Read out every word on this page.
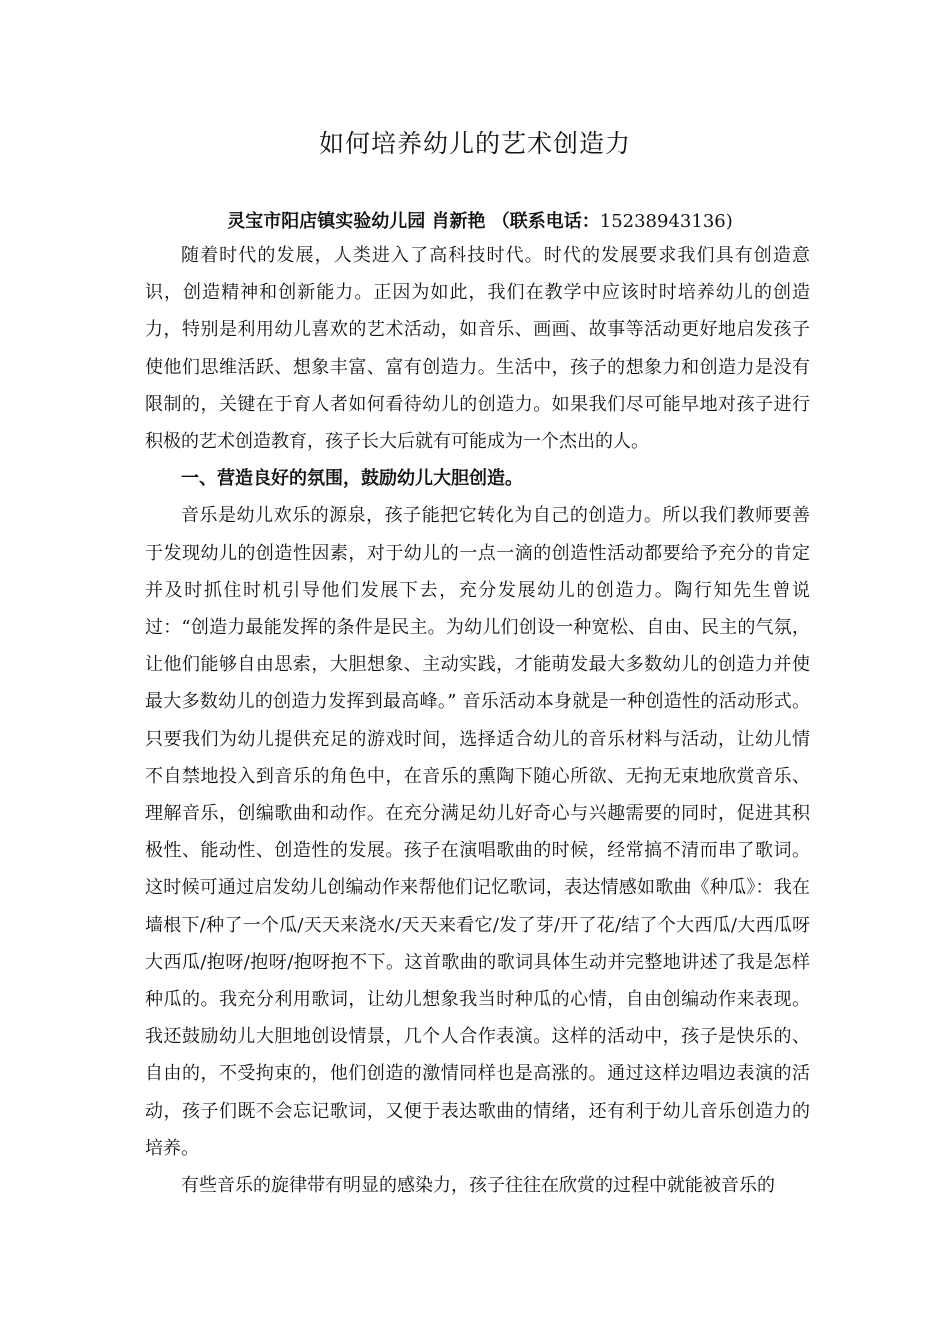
如何培养幼儿的艺术创造力

灵宝市阳店镇实验幼儿园 肖新艳 （联系电话：15238943136)

随着时代的发展，人类进入了高科技时代。时代的发展要求我们具有创造意识，创造精神和创新能力。正因为如此，我们在教学中应该时时培养幼儿的创造力，特别是利用幼儿喜欢的艺术活动，如音乐、画画、故事等活动更好地启发孩子使他们思维活跃、想象丰富、富有创造力。生活中，孩子的想象力和创造力是没有限制的，关键在于育人者如何看待幼儿的创造力。如果我们尽可能早地对孩子进行积极的艺术创造教育，孩子长大后就有可能成为一个杰出的人。

一、营造良好的氛围，鼓励幼儿大胆创造。

音乐是幼儿欢乐的源泉，孩子能把它转化为自己的创造力。所以我们教师要善于发现幼儿的创造性因素，对于幼儿的一点一滴的创造性活动都要给予充分的肯定并及时抓住时机引导他们发展下去，充分发展幼儿的创造力。陶行知先生曾说过：“创造力最能发挥的条件是民主。为幼儿们创设一种宽松、自由、民主的气氛，让他们能够自由思索，大胆想象、主动实践，才能萌发最大多数幼儿的创造力并使最大多数幼儿的创造力发挥到最高峰。” 音乐活动本身就是一种创造性的活动形式。只要我们为幼儿提供充足的游戏时间，选择适合幼儿的音乐材料与活动，让幼儿情不自禁地投入到音乐的角色中，在音乐的熏陶下随心所欲、无拘无束地欣赏音乐、理解音乐，创编歌曲和动作。在充分满足幼儿好奇心与兴趣需要的同时，促进其积极性、能动性、创造性的发展。孩子在演唱歌曲的时候，经常搞不清而串了歌词。这时候可通过启发幼儿创编动作来帮他们记忆歌词，表达情感如歌曲《种瓜》：我在墙根下/种了一个瓜/天天来浇水/天天来看它/发了芽/开了花/结了个大西瓜/大西瓜呀大西瓜/抱呀/抱呀/抱呀抱不下。这首歌曲的歌词具体生动并完整地讲述了我是怎样种瓜的。我充分利用歌词，让幼儿想象我当时种瓜的心情，自由创编动作来表现。我还鼓励幼儿大胆地创设情景，几个人合作表演。这样的活动中，孩子是快乐的、自由的，不受拘束的，他们创造的激情同样也是高涨的。通过这样边唱边表演的活动，孩子们既不会忘记歌词，又便于表达歌曲的情绪，还有利于幼儿音乐创造力的培养。

有些音乐的旋律带有明显的感染力，孩子往往在欣赏的过程中就能被音乐的
